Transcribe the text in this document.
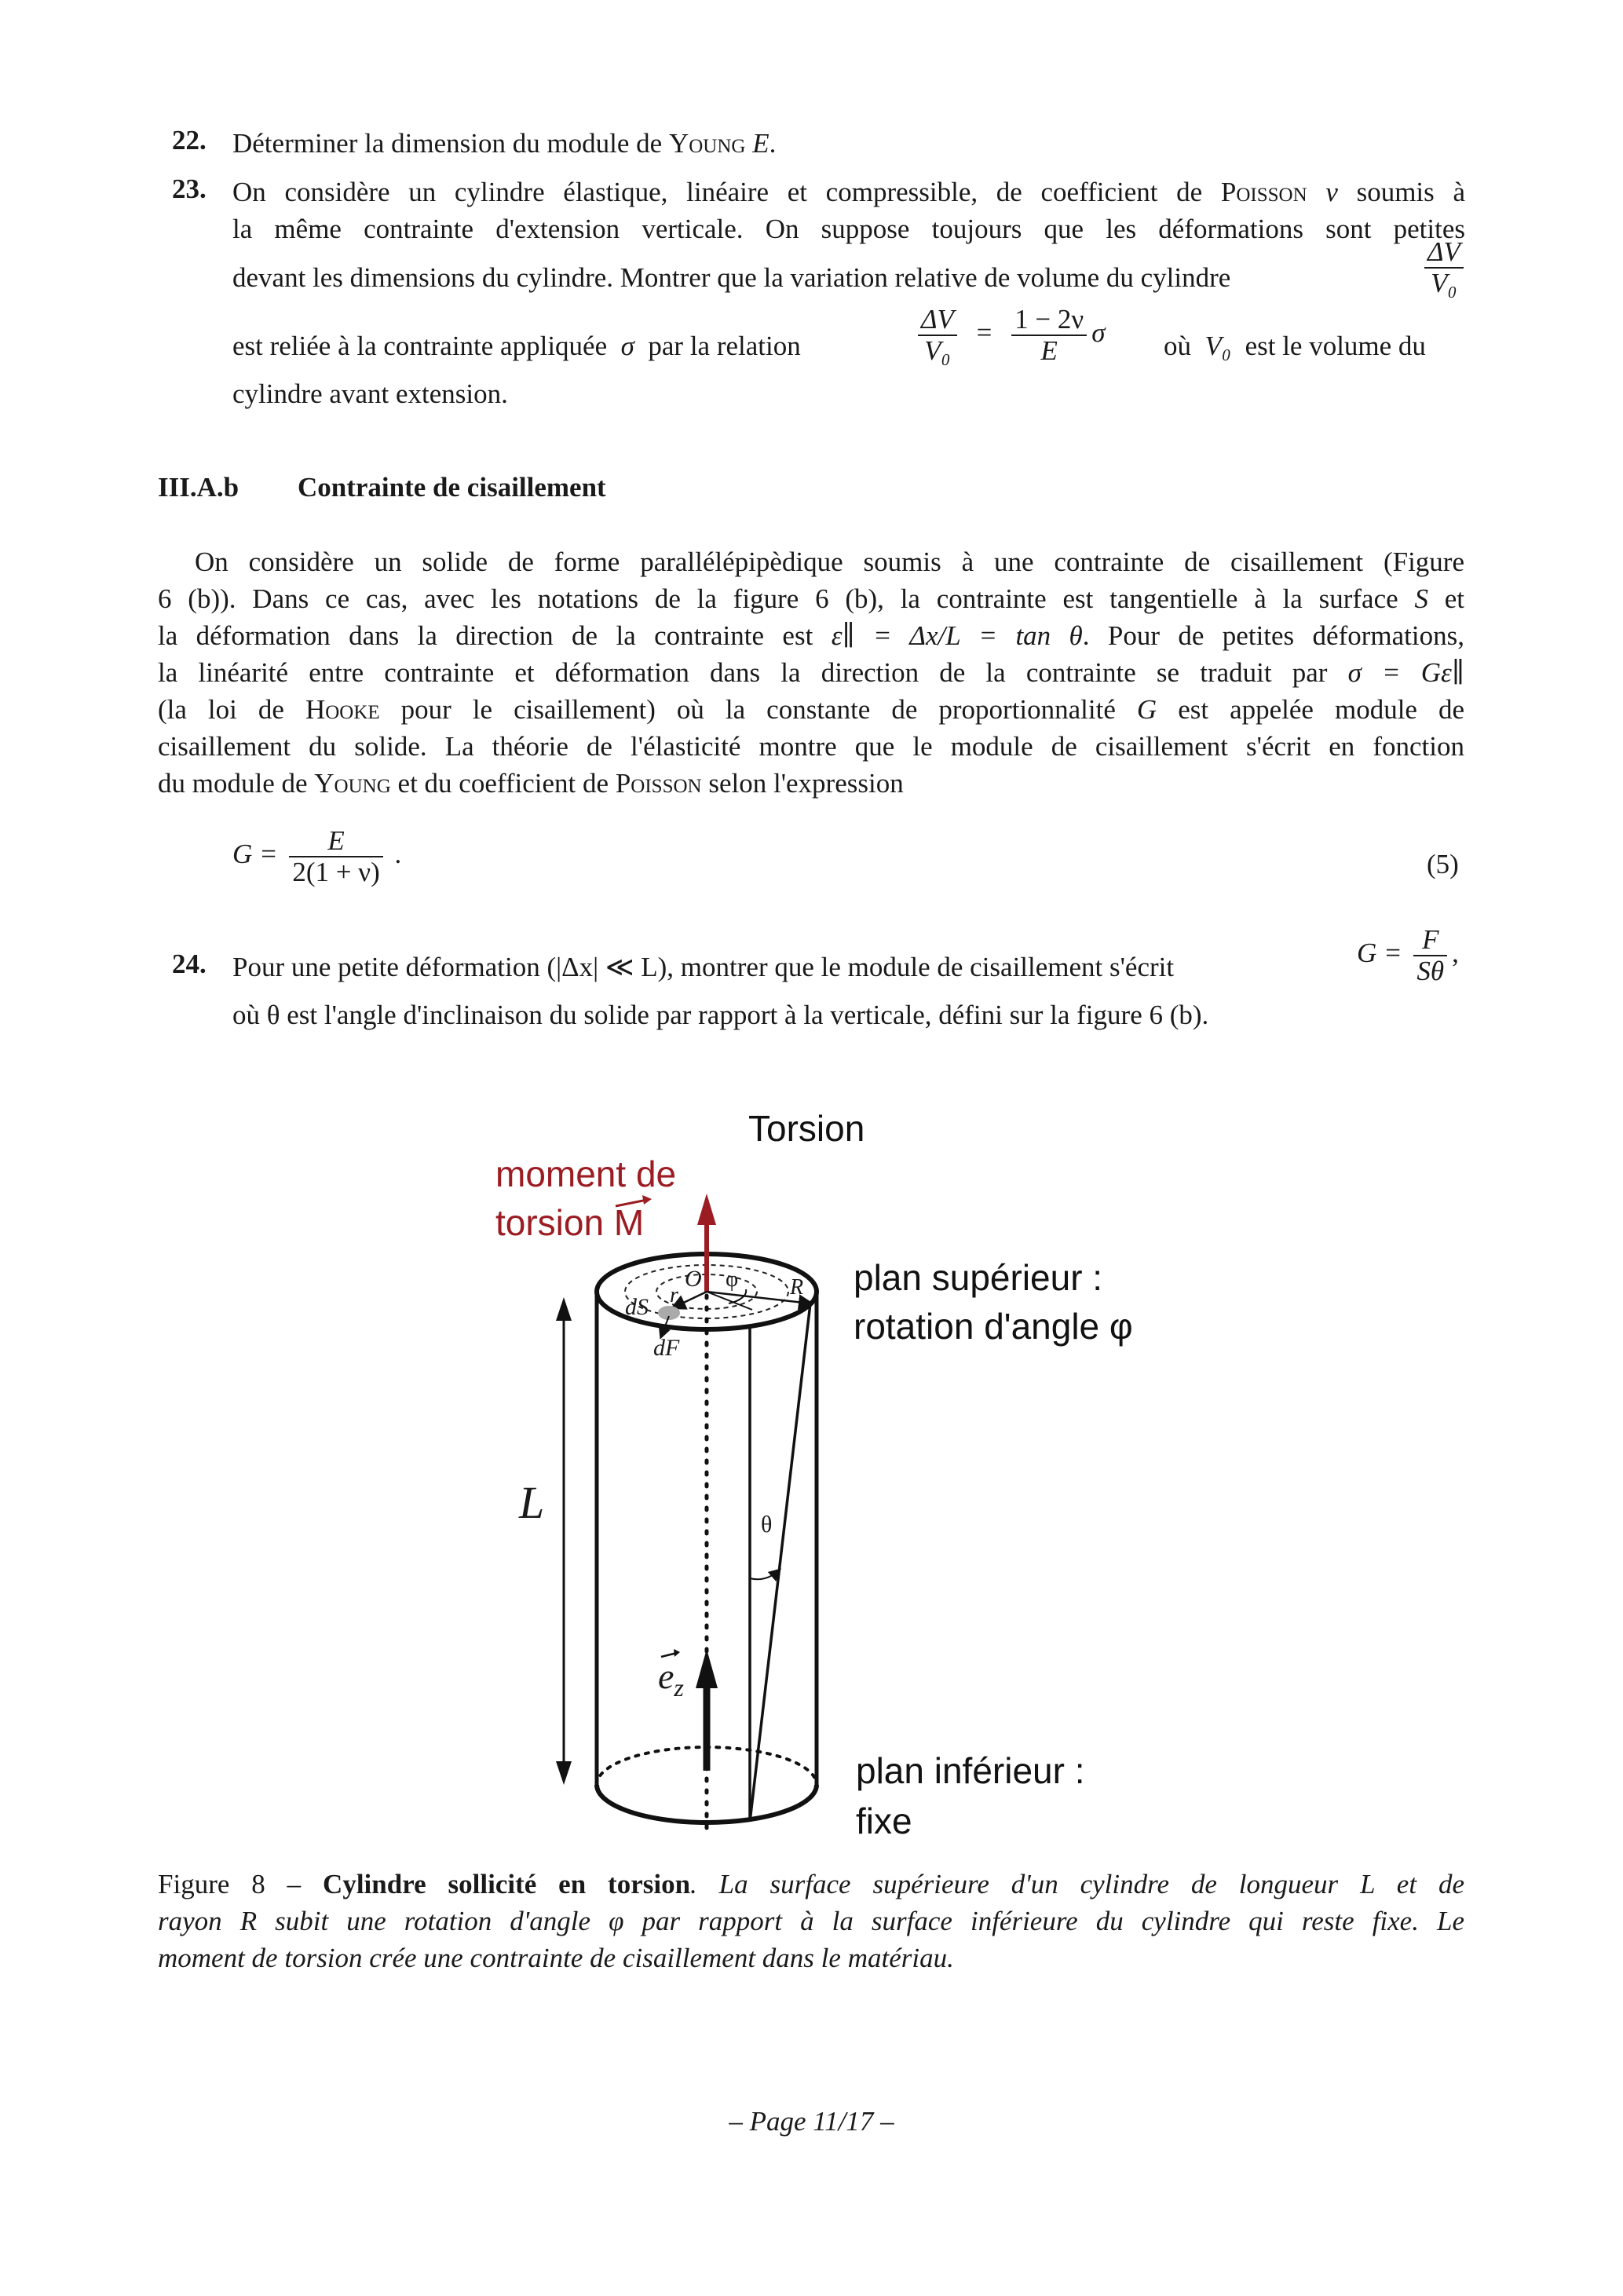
22. Déterminer la dimension du module de Young E.
23. On considère un cylindre élastique, linéaire et compressible, de coefficient de Poisson ν soumis à
la même contrainte d'extension verticale. On suppose toujours que les déformations sont petites
devant les dimensions du cylindre. Montrer que la variation relative de volume du cylindre	$\frac{\Delta V}{\text{V₀}}$
est reliée à la contrainte appliquée σ par la relation	$\frac{\Delta V}{\text{V₀}} = \frac{1 - 2\nu}{E}$ σ où V₀ est le volume du
cylindre avant extension.
III.A.b Contrainte de cisaillement
On considère un solide de forme parallélépipèdique soumis à une contrainte de cisaillement (Figure
6 (b)). Dans ce cas, avec les notations de la figure 6 (b), la contrainte est tangentielle à la surface S et
la déformation dans la direction de la contrainte est ε∥ = Δx/L = tan θ. Pour de petites déformations,
la linéarité entre contrainte et déformation dans la direction de la contrainte se traduit par σ = Gε∥
(la loi de Hooke pour le cisaillement) où la constante de proportionnalité G est appelée module de
cisaillement du solide. La théorie de l'élasticité montre que le module de cisaillement s'écrit en fonction
du module de Young et du coefficient de Poisson selon l'expression
$G = \frac{E}{2(1 + \nu)}$ .	(5)
24. Pour une petite déformation (|Δx| ≪ L), montrer que le module de cisaillement s'écrit	$G = \frac{F}{S\theta}$ ,
où θ est l'angle d'inclinaison du solide par rapport à la verticale, défini sur la figure 6 (b).
Torsion
moment de
torsion M
plan supérieur :
rotation d'angle φ
plan inférieur :
fixe
L	θ
$e_z$
O
r
φ R
dS
dF
Figure 8 – Cylindre sollicité en torsion. La surface supérieure d'un cylindre de longueur L et de
rayon R subit une rotation d'angle φ par rapport à la surface inférieure du cylindre qui reste fixe. Le
moment de torsion crée une contrainte de cisaillement dans le matériau.
– Page 11/17 –
